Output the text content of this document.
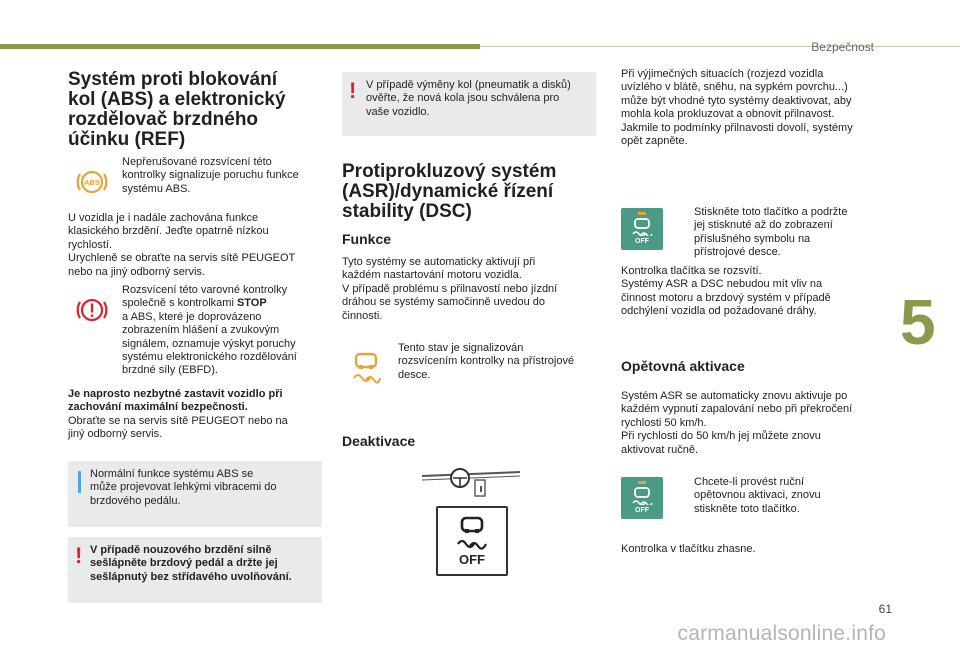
Bezpečnost
5
61
carmanualsonline.info
Systém proti blokování
kol (ABS) a elektronický
rozdělovač brzdného
účinku (REF)
ABS
Nepřerušované rozsvícení této
kontrolky signalizuje poruchu funkce
systému ABS.
U vozidla je i nadále zachována funkce
klasického brzdění. Jeďte opatrně nízkou
rychlostí.
Urychleně se obraťte na servis sítě PEUGEOT
nebo na jiný odborný servis.
Rozsvícení této varovné kontrolky
společně s kontrolkami STOP
a ABS, které je doprovázeno
zobrazením hlášení a zvukovým
signálem, oznamuje výskyt poruchy
systému elektronického rozdělování
brzdné síly (EBFD).
Je naprosto nezbytné zastavit vozidlo při
zachování maximální bezpečnosti.
Obraťte se na servis sítě PEUGEOT nebo na
jiný odborný servis.
Normální funkce systému ABS se
může projevovat lehkými vibracemi do
brzdového pedálu.
! V případě nouzového brzdění silně
sešlápněte brzdový pedál a držte jej
sešlápnutý bez střídavého uvolňování.
! V případě výměny kol (pneumatik a disků)
ověřte, že nová kola jsou schválena pro
vaše vozidlo.
Protiprokluzový systém
(ASR)/dynamické řízení
stability (DSC)
Funkce
Tyto systémy se automaticky aktivují při
každém nastartování motoru vozidla.
V případě problému s přilnavostí nebo jízdní
dráhou se systémy samočinně uvedou do
činnosti.
Tento stav je signalizován
rozsvícením kontrolky na přístrojové
desce.
Deaktivace
OFF
Při výjimečných situacích (rozjezd vozidla
uvízlého v blátě, sněhu, na sypkém povrchu...)
může být vhodné tyto systémy deaktivovat, aby
mohla kola prokluzovat a obnovit přilnavost.
Jakmile to podmínky přilnavosti dovolí, systémy
opět zapněte.
OFF
Stiskněte toto tlačítko a podržte
jej stisknuté až do zobrazení
příslušného symbolu na
přístrojové desce.
Kontrolka tlačítka se rozsvítí.
Systémy ASR a DSC nebudou mít vliv na
činnost motoru a brzdový systém v případě
odchýlení vozidla od požadované dráhy.
Opětovná aktivace
Systém ASR se automaticky znovu aktivuje po
každém vypnutí zapalování nebo při překročení
rychlosti 50 km/h.
Při rychlosti do 50 km/h jej můžete znovu
aktivovat ručně.
OFF
Chcete-li provést ruční
opětovnou aktivaci, znovu
stiskněte toto tlačítko.
Kontrolka v tlačítku zhasne.
